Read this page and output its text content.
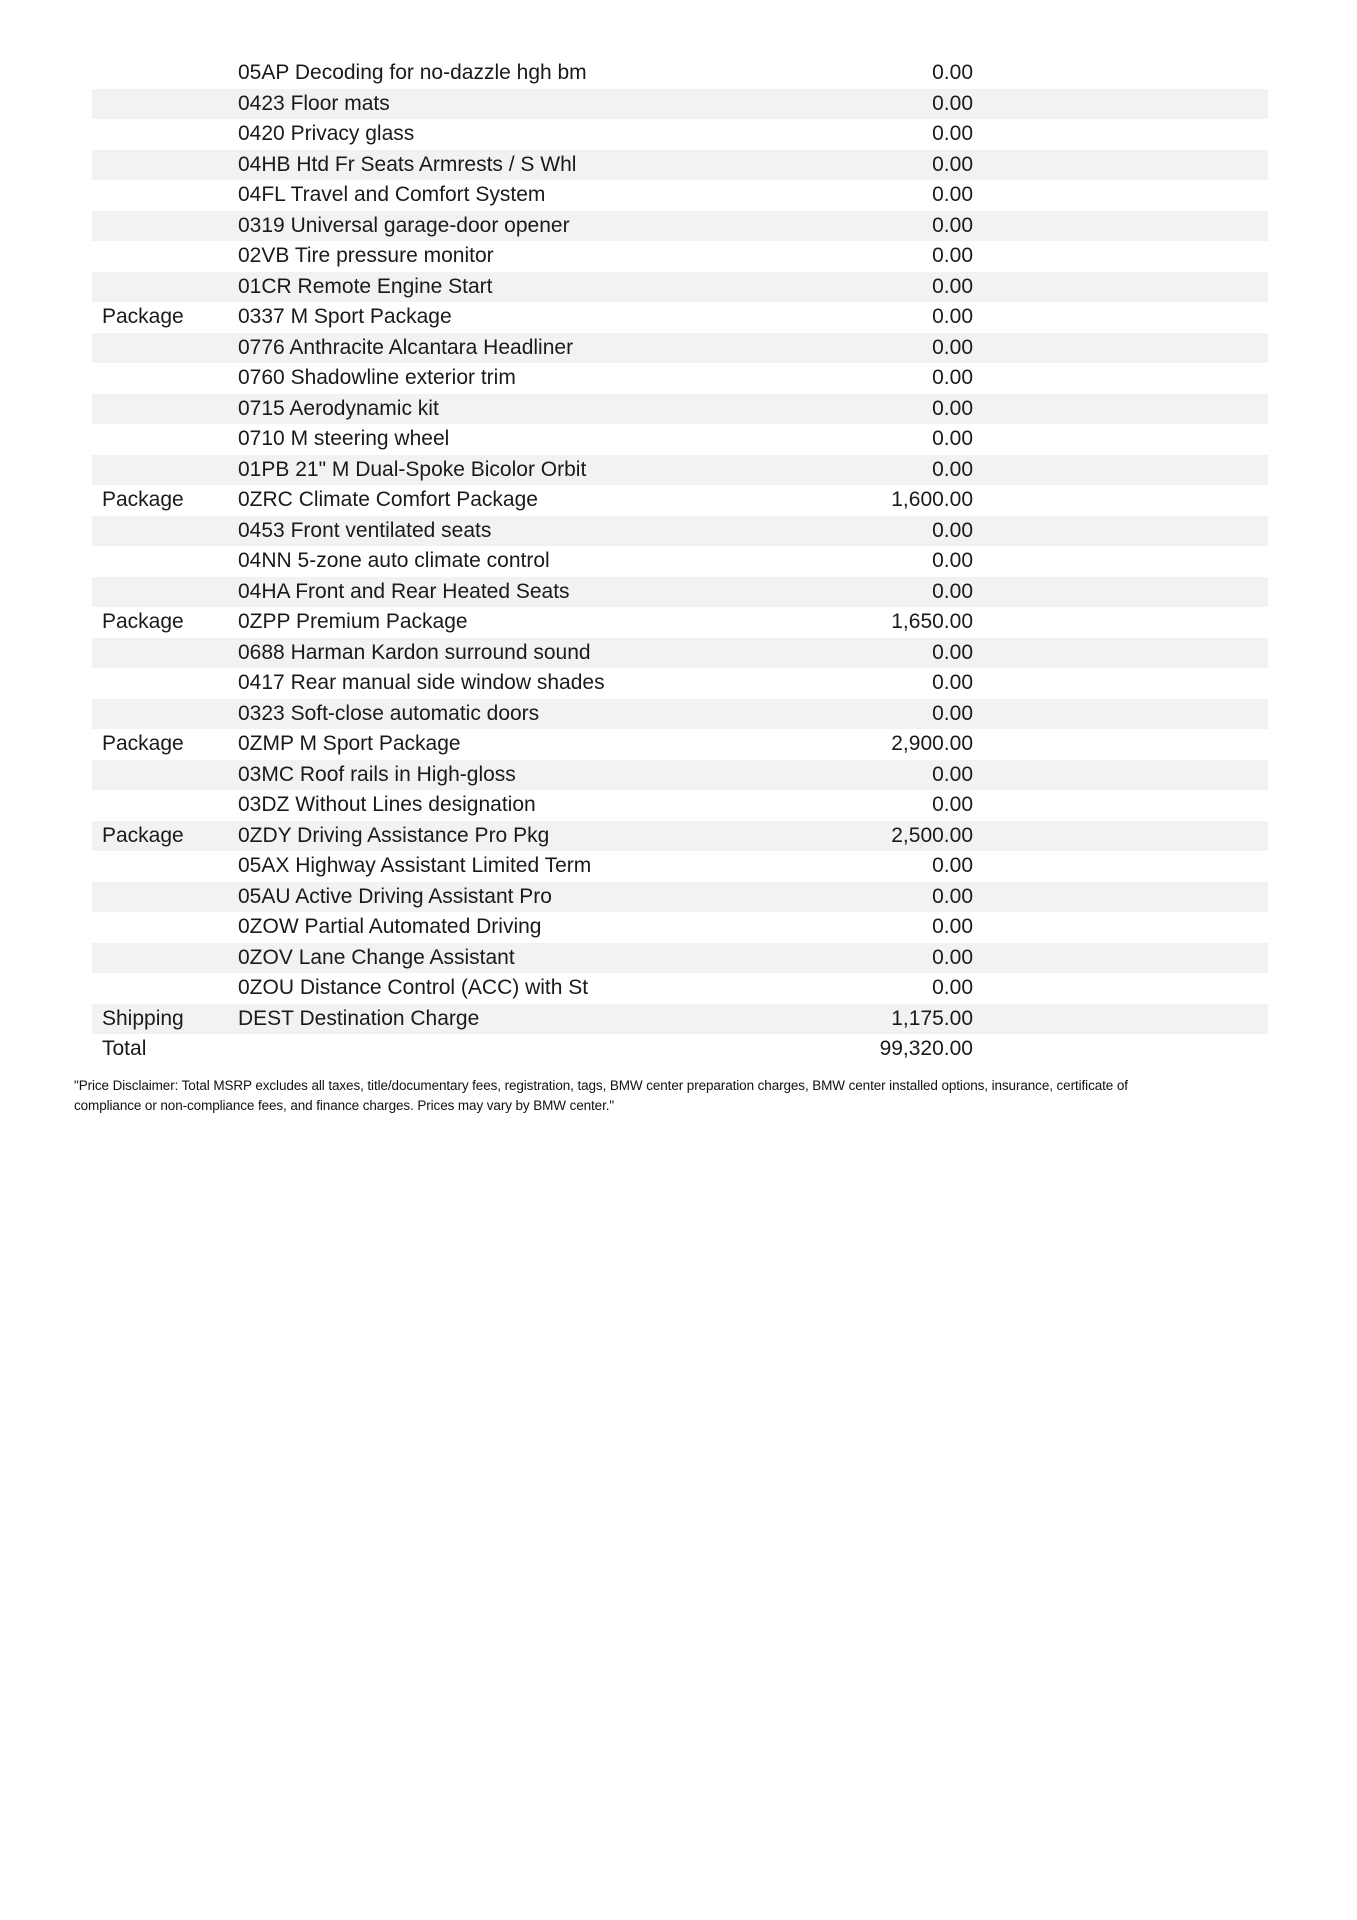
05AP Decoding for no-dazzle hgh bm	0.00
0423 Floor mats	0.00
0420 Privacy glass	0.00
04HB Htd Fr Seats Armrests / S Whl	0.00
04FL Travel and Comfort System	0.00
0319 Universal garage-door opener	0.00
02VB Tire pressure monitor	0.00
01CR Remote Engine Start	0.00
Package	0337 M Sport Package	0.00
0776 Anthracite Alcantara Headliner	0.00
0760 Shadowline exterior trim	0.00
0715 Aerodynamic kit	0.00
0710 M steering wheel	0.00
01PB 21" M Dual-Spoke Bicolor Orbit	0.00
Package	0ZRC Climate Comfort Package	1,600.00
0453 Front ventilated seats	0.00
04NN 5-zone auto climate control	0.00
04HA Front and Rear Heated Seats	0.00
Package	0ZPP Premium Package	1,650.00
0688 Harman Kardon surround sound	0.00
0417 Rear manual side window shades	0.00
0323 Soft-close automatic doors	0.00
Package	0ZMP M Sport Package	2,900.00
03MC Roof rails in High-gloss	0.00
03DZ Without Lines designation	0.00
Package	0ZDY Driving Assistance Pro Pkg	2,500.00
05AX Highway Assistant Limited Term	0.00
05AU Active Driving Assistant Pro	0.00
0ZOW Partial Automated Driving	0.00
0ZOV Lane Change Assistant	0.00
0ZOU Distance Control (ACC) with St	0.00
Shipping	DEST Destination Charge	1,175.00
Total	99,320.00
"Price Disclaimer: Total MSRP excludes all taxes, title/documentary fees, registration, tags, BMW center preparation charges, BMW center installed options, insurance, certificate of
compliance or non-compliance fees, and finance charges. Prices may vary by BMW center."
